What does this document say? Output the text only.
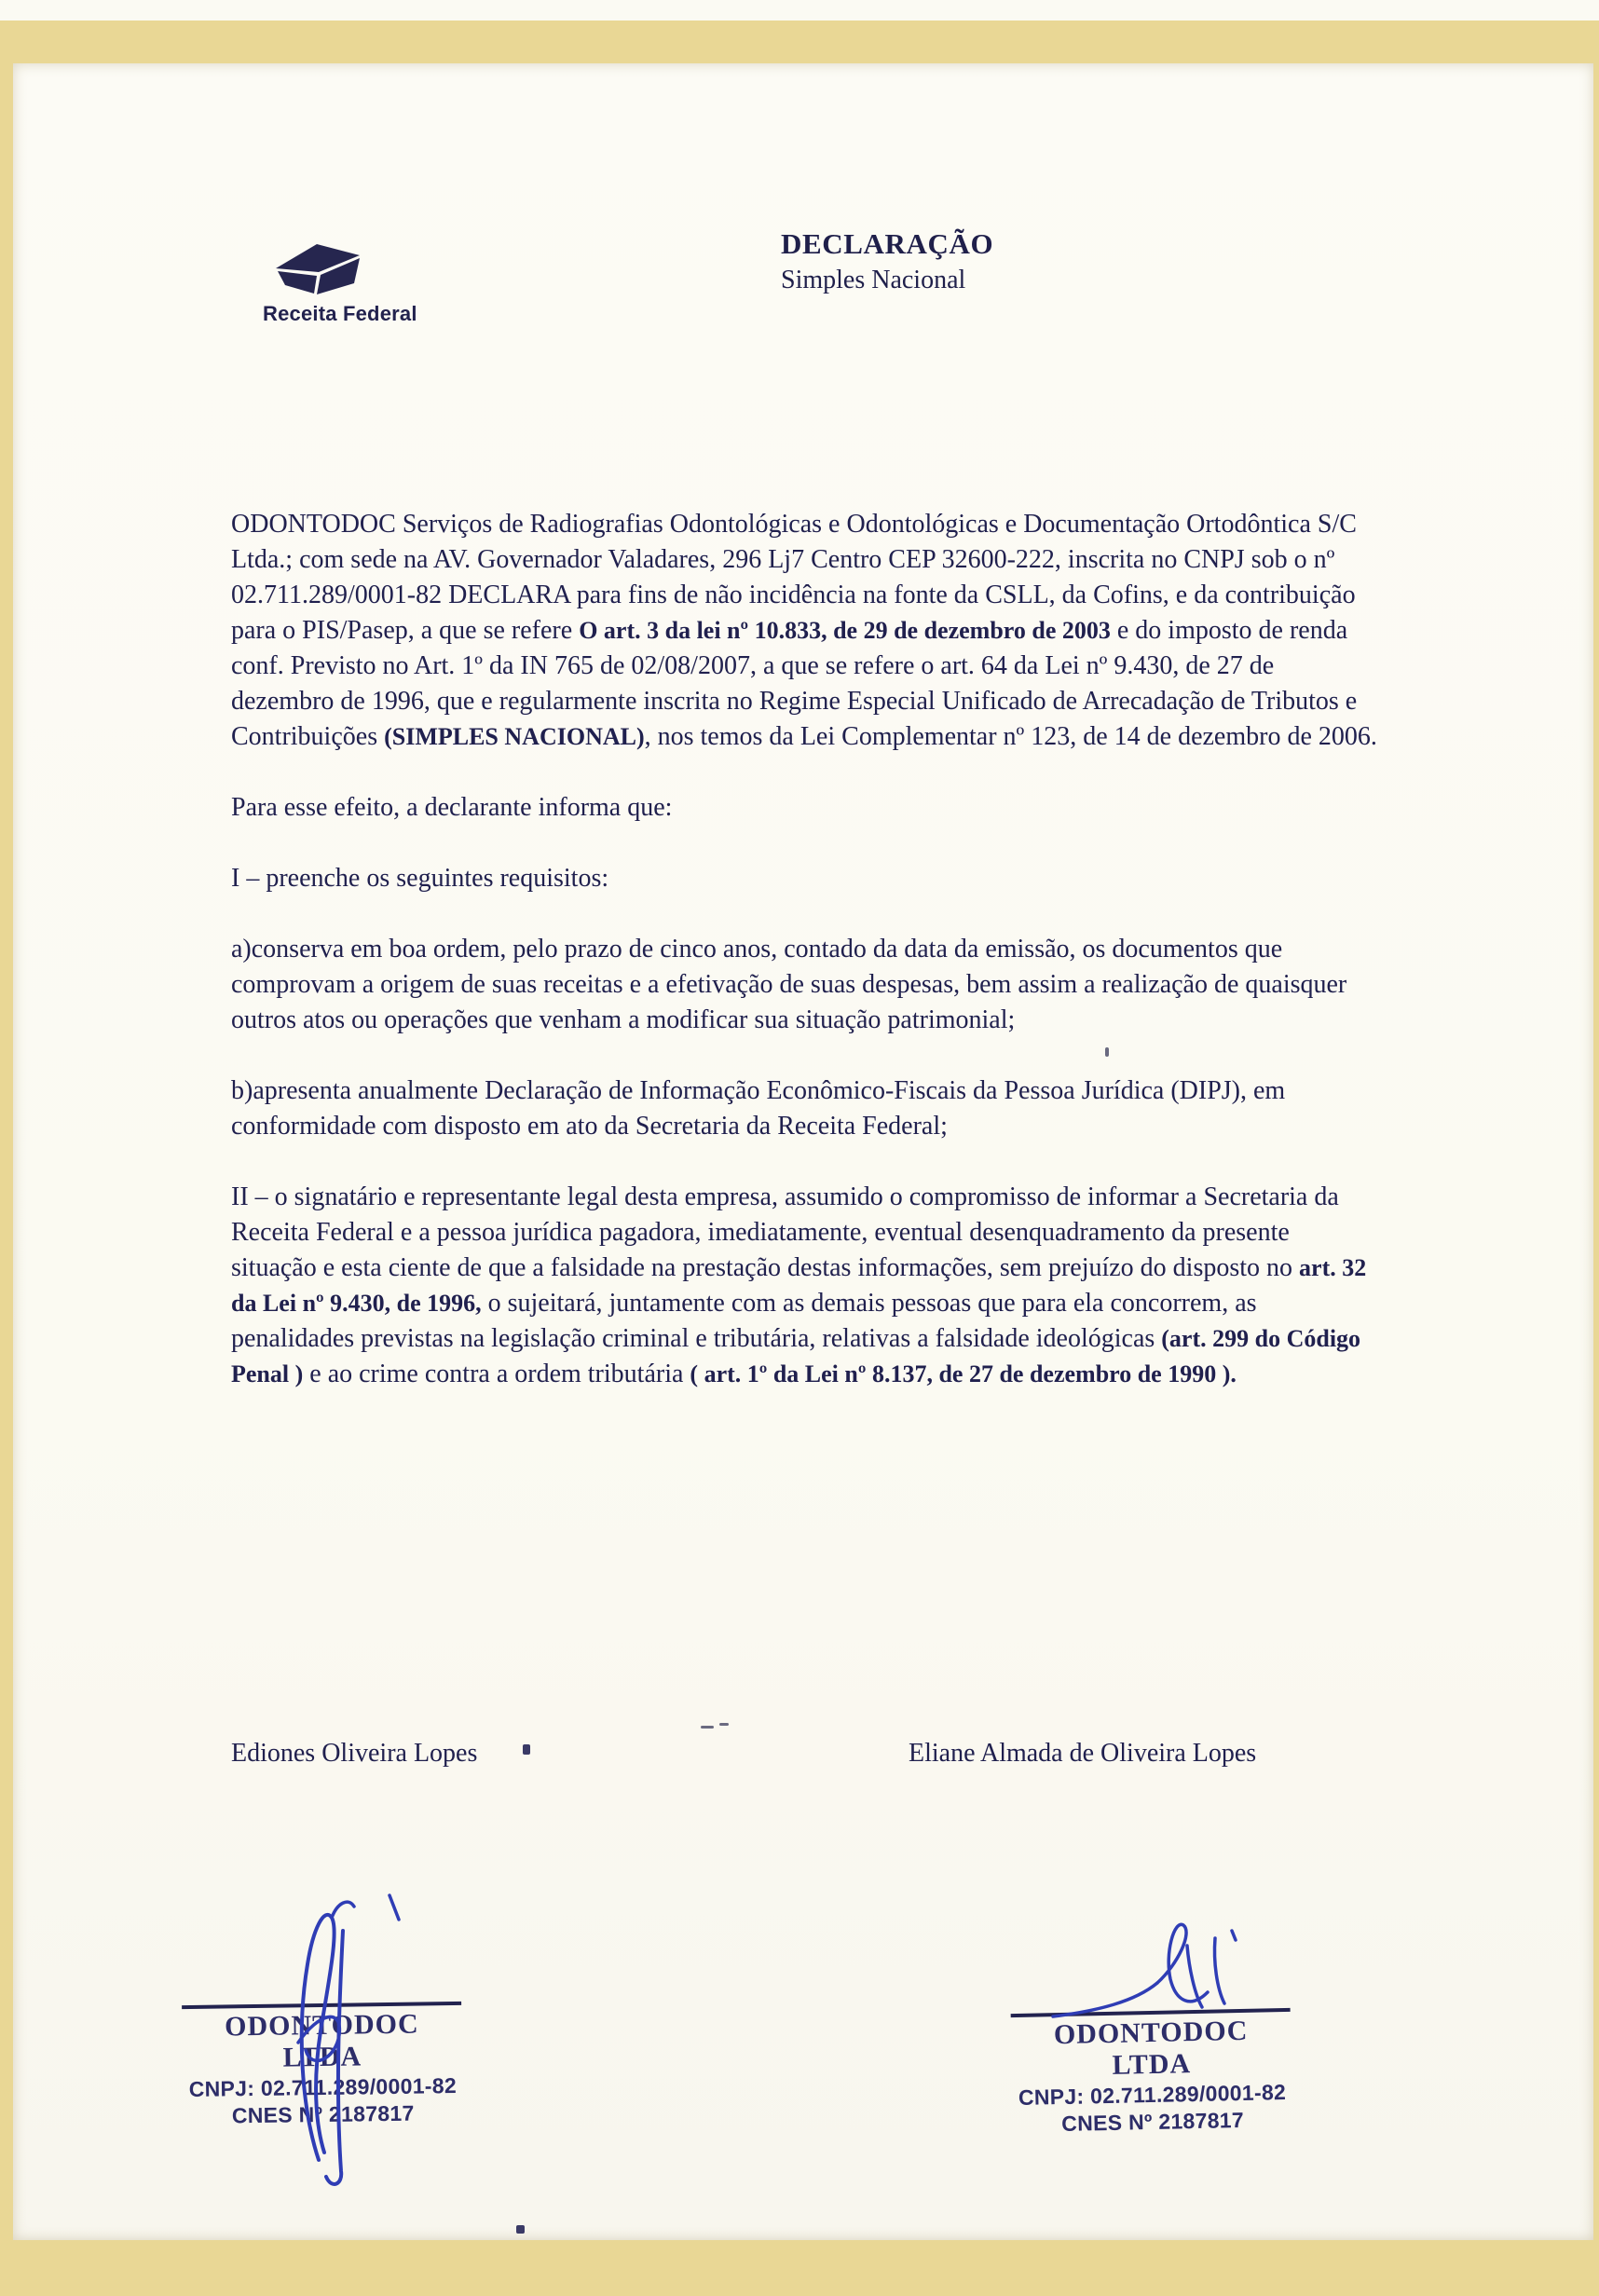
Receita Federal
DECLARAÇÃO
Simples Nacional

ODONTODOC Serviços de Radiografias Odontológicas e Odontológicas e Documentação Ortodôntica S/C Ltda.; com sede na AV. Governador Valadares, 296 Lj7 Centro CEP 32600-222, inscrita no CNPJ sob o nº 02.711.289/0001-82 DECLARA para fins de não incidência na fonte da CSLL, da Cofins, e da contribuição para o PIS/Pasep, a que se refere O art. 3 da lei nº 10.833, de 29 de dezembro de 2003 e do imposto de renda conf. Previsto no Art. 1º da IN 765 de 02/08/2007, a que se refere o art. 64 da Lei nº 9.430, de 27 de dezembro de 1996, que e regularmente inscrita no Regime Especial Unificado de Arrecadação de Tributos e Contribuições (SIMPLES NACIONAL), nos temos da Lei Complementar nº 123, de 14 de dezembro de 2006.

Para esse efeito, a declarante informa que:

I – preenche os seguintes requisitos:

a)conserva em boa ordem, pelo prazo de cinco anos, contado da data da emissão, os documentos que comprovam a origem de suas receitas e a efetivação de suas despesas, bem assim a realização de quaisquer outros atos ou operações que venham a modificar sua situação patrimonial;

b)apresenta anualmente Declaração de Informação Econômico-Fiscais da Pessoa Jurídica (DIPJ), em conformidade com disposto em ato da Secretaria da Receita Federal;

II – o signatário e representante legal desta empresa, assumido o compromisso de informar a Secretaria da Receita Federal e a pessoa jurídica pagadora, imediatamente, eventual desenquadramento da presente situação e esta ciente de que a falsidade na prestação destas informações, sem prejuízo do disposto no art. 32 da Lei nº 9.430, de 1996, o sujeitará, juntamente com as demais pessoas que para ela concorrem, as penalidades previstas na legislação criminal e tributária, relativas a falsidade ideológicas (art. 299 do Código Penal ) e ao crime contra a ordem tributária ( art. 1º da Lei nº 8.137, de 27 de dezembro de 1990 ).

Ediones Oliveira Lopes	Eliane Almada de Oliveira Lopes
ODONTODOC LTDA
CNPJ: 02.711.289/0001-82
CNES Nº 2187817
ODONTODOC LTDA
CNPJ: 02.711.289/0001-82
CNES Nº 2187817
